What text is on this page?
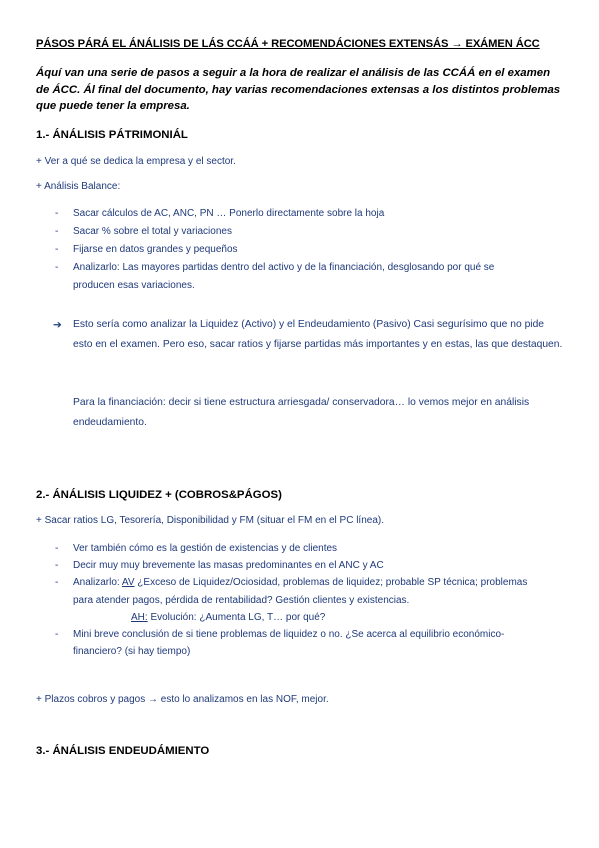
PÁSOS PÁRÁ EL ÁNÁLISIS DE LÁS CCÁÁ + RECOMENDÁCIONES EXTENSÁS → EXÁMEN ÁCC
Áquí van una serie de pasos a seguir a la hora de realizar el análisis de las CCÁÁ en el examen de ÁCC. Ál final del documento, hay varias recomendaciones extensas a los distintos problemas que puede tener la empresa.
1.- ÁNÁLISIS PÁTRIMONIÁL
+ Ver a qué se dedica la empresa y el sector.
+ Análisis Balance:
- Sacar cálculos de AC, ANC, PN … Ponerlo directamente sobre la hoja
- Sacar % sobre el total y variaciones
- Fijarse en datos grandes y pequeños
- Analizarlo: Las mayores partidas dentro del activo y de la financiación, desglosando por qué se producen esas variaciones.
➔ Esto sería como analizar la Liquidez (Activo) y el Endeudamiento (Pasivo) Casi segurísimo que no pide esto en el examen. Pero eso, sacar ratios y fijarse partidas más importantes y en estas, las que destaquen.
Para la financiación: decir si tiene estructura arriesgada/ conservadora… lo vemos mejor en análisis endeudamiento.
2.- ÁNÁLISIS LIQUIDEZ + (COBROS&PÁGOS)
+ Sacar ratios LG, Tesorería, Disponibilidad y FM (situar el FM en el PC línea).
- Ver también cómo es la gestión de existencias y de clientes
- Decir muy muy brevemente las masas predominantes en el ANC y AC
- Analizarlo: AV ¿Exceso de Liquidez/Ociosidad, problemas de liquidez; probable SP técnica; problemas para atender pagos, pérdida de rentabilidad? Gestión clientes y existencias.
AH: Evolución: ¿Aumenta LG, T… por qué?
- Mini breve conclusión de si tiene problemas de liquidez o no. ¿Se acerca al equilibrio económico-financiero? (si hay tiempo)
+ Plazos cobros y pagos → esto lo analizamos en las NOF, mejor.
3.- ÁNÁLISIS ENDEUDÁMIENTO
